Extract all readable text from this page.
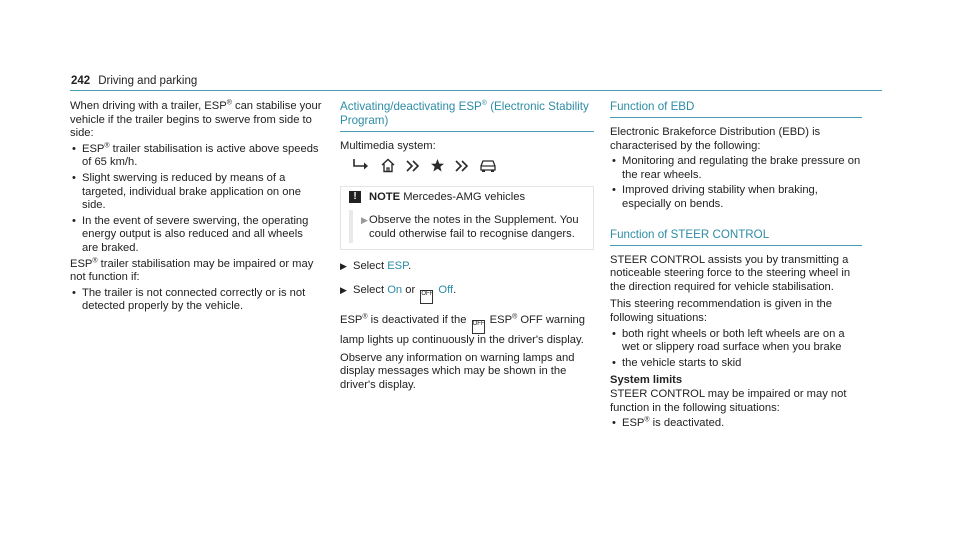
242 Driving and parking

When driving with a trailer, ESP® can stabilise your vehicle if the trailer begins to swerve from side to side:

• ESP® trailer stabilisation is active above speeds of 65 km/h.
• Slight swerving is reduced by means of a targeted, individual brake application on one side.
• In the event of severe swerving, the operating energy output is also reduced and all wheels are braked.

ESP® trailer stabilisation may be impaired or may not function if:

• The trailer is not connected correctly or is not detected properly by the vehicle.
Activating/deactivating ESP® (Electronic Stability Program)

Multimedia system:

!	NOTE Mercedes-AMG vehicles
▶ Observe the notes in the Supplement. You could otherwise fail to recognise dangers.
▶ Select ESP.
▶ Select On or OFF Off.

ESP® is deactivated if the OFF ESP® OFF warning lamp lights up continuously in the driver's display.

Observe any information on warning lamps and display messages which may be shown in the driver's display.

Function of EBD

Electronic Brakeforce Distribution (EBD) is characterised by the following:

• Monitoring and regulating the brake pressure on the rear wheels.
• Improved driving stability when braking, especially on bends.
Function of STEER CONTROL

STEER CONTROL assists you by transmitting a noticeable steering force to the steering wheel in the direction required for vehicle stabilisation.

This steering recommendation is given in the following situations:

• both right wheels or both left wheels are on a wet or slippery road surface when you brake
• the vehicle starts to skid

System limits

STEER CONTROL may be impaired or may not function in the following situations:

• ESP® is deactivated.
